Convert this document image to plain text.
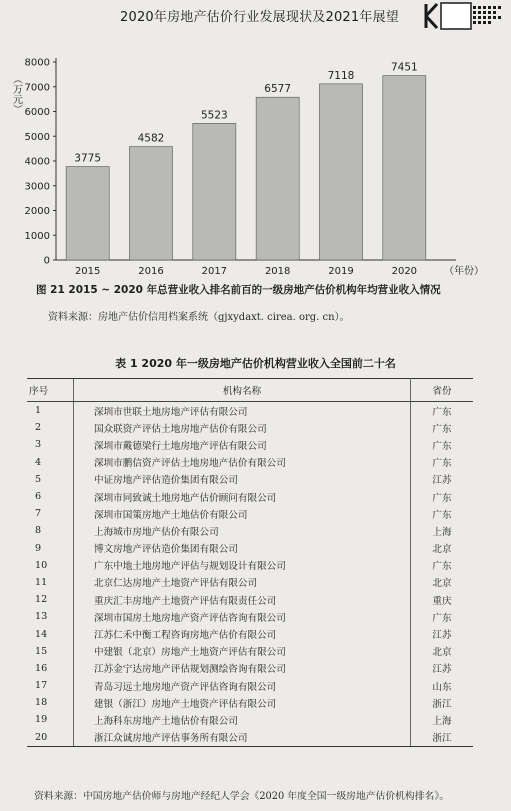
2020年房地产估价行业发展现状及2021年展望
0
1000
2000
3000
4000
5000
6000
7000
8000
（万元）
3775
2015
4582
2016
5523
2017
6577
2018
7118
2019
7451
2020	（年份）
图 21 2015 ~ 2020 年总营业收入排名前百的一级房地产估价机构年均营业收入情况
资料来源：房地产估价信用档案系统（gjxydaxt. cirea. org. cn）。
表 1 2020 年一级房地产估价机构营业收入全国前二十名
序号	机构名称	省份
1	深圳市世联土地房地产评估有限公司	广东
2	国众联资产评估土地房地产估价有限公司	广东
3	深圳市戴德梁行土地房地产评估有限公司	广东
4	深圳市鹏信资产评估土地房地产估价有限公司	广东
5	中证房地产评估造价集团有限公司	江苏
6	深圳市同致诚土地房地产估价顾问有限公司	广东
7	深圳市国策房地产土地估价有限公司	广东
8	上海城市房地产估价有限公司	上海
9	博文房地产评估造价集团有限公司	北京
10	广东中地土地房地产评估与规划设计有限公司	广东
11	北京仁达房地产土地资产评估有限公司	北京
12	重庆汇丰房地产土地资产评估有限责任公司	重庆
13	深圳市国房土地房地产资产评估咨询有限公司	广东
14	江苏仁禾中衡工程咨询房地产估价有限公司	江苏
15	中建银（北京）房地产土地资产评估有限公司	北京
16	江苏金宁达房地产评估规划测绘咨询有限公司	江苏
17	青岛习远土地房地产资产评估咨询有限公司	山东
18	建银（浙江）房地产土地资产评估有限公司	浙江
19	上海科东房地产土地估价有限公司	上海
20	浙江众诚房地产评估事务所有限公司	浙江
资料来源：中国房地产估价师与房地产经纪人学会《2020 年度全国一级房地产估价机构排名》。
